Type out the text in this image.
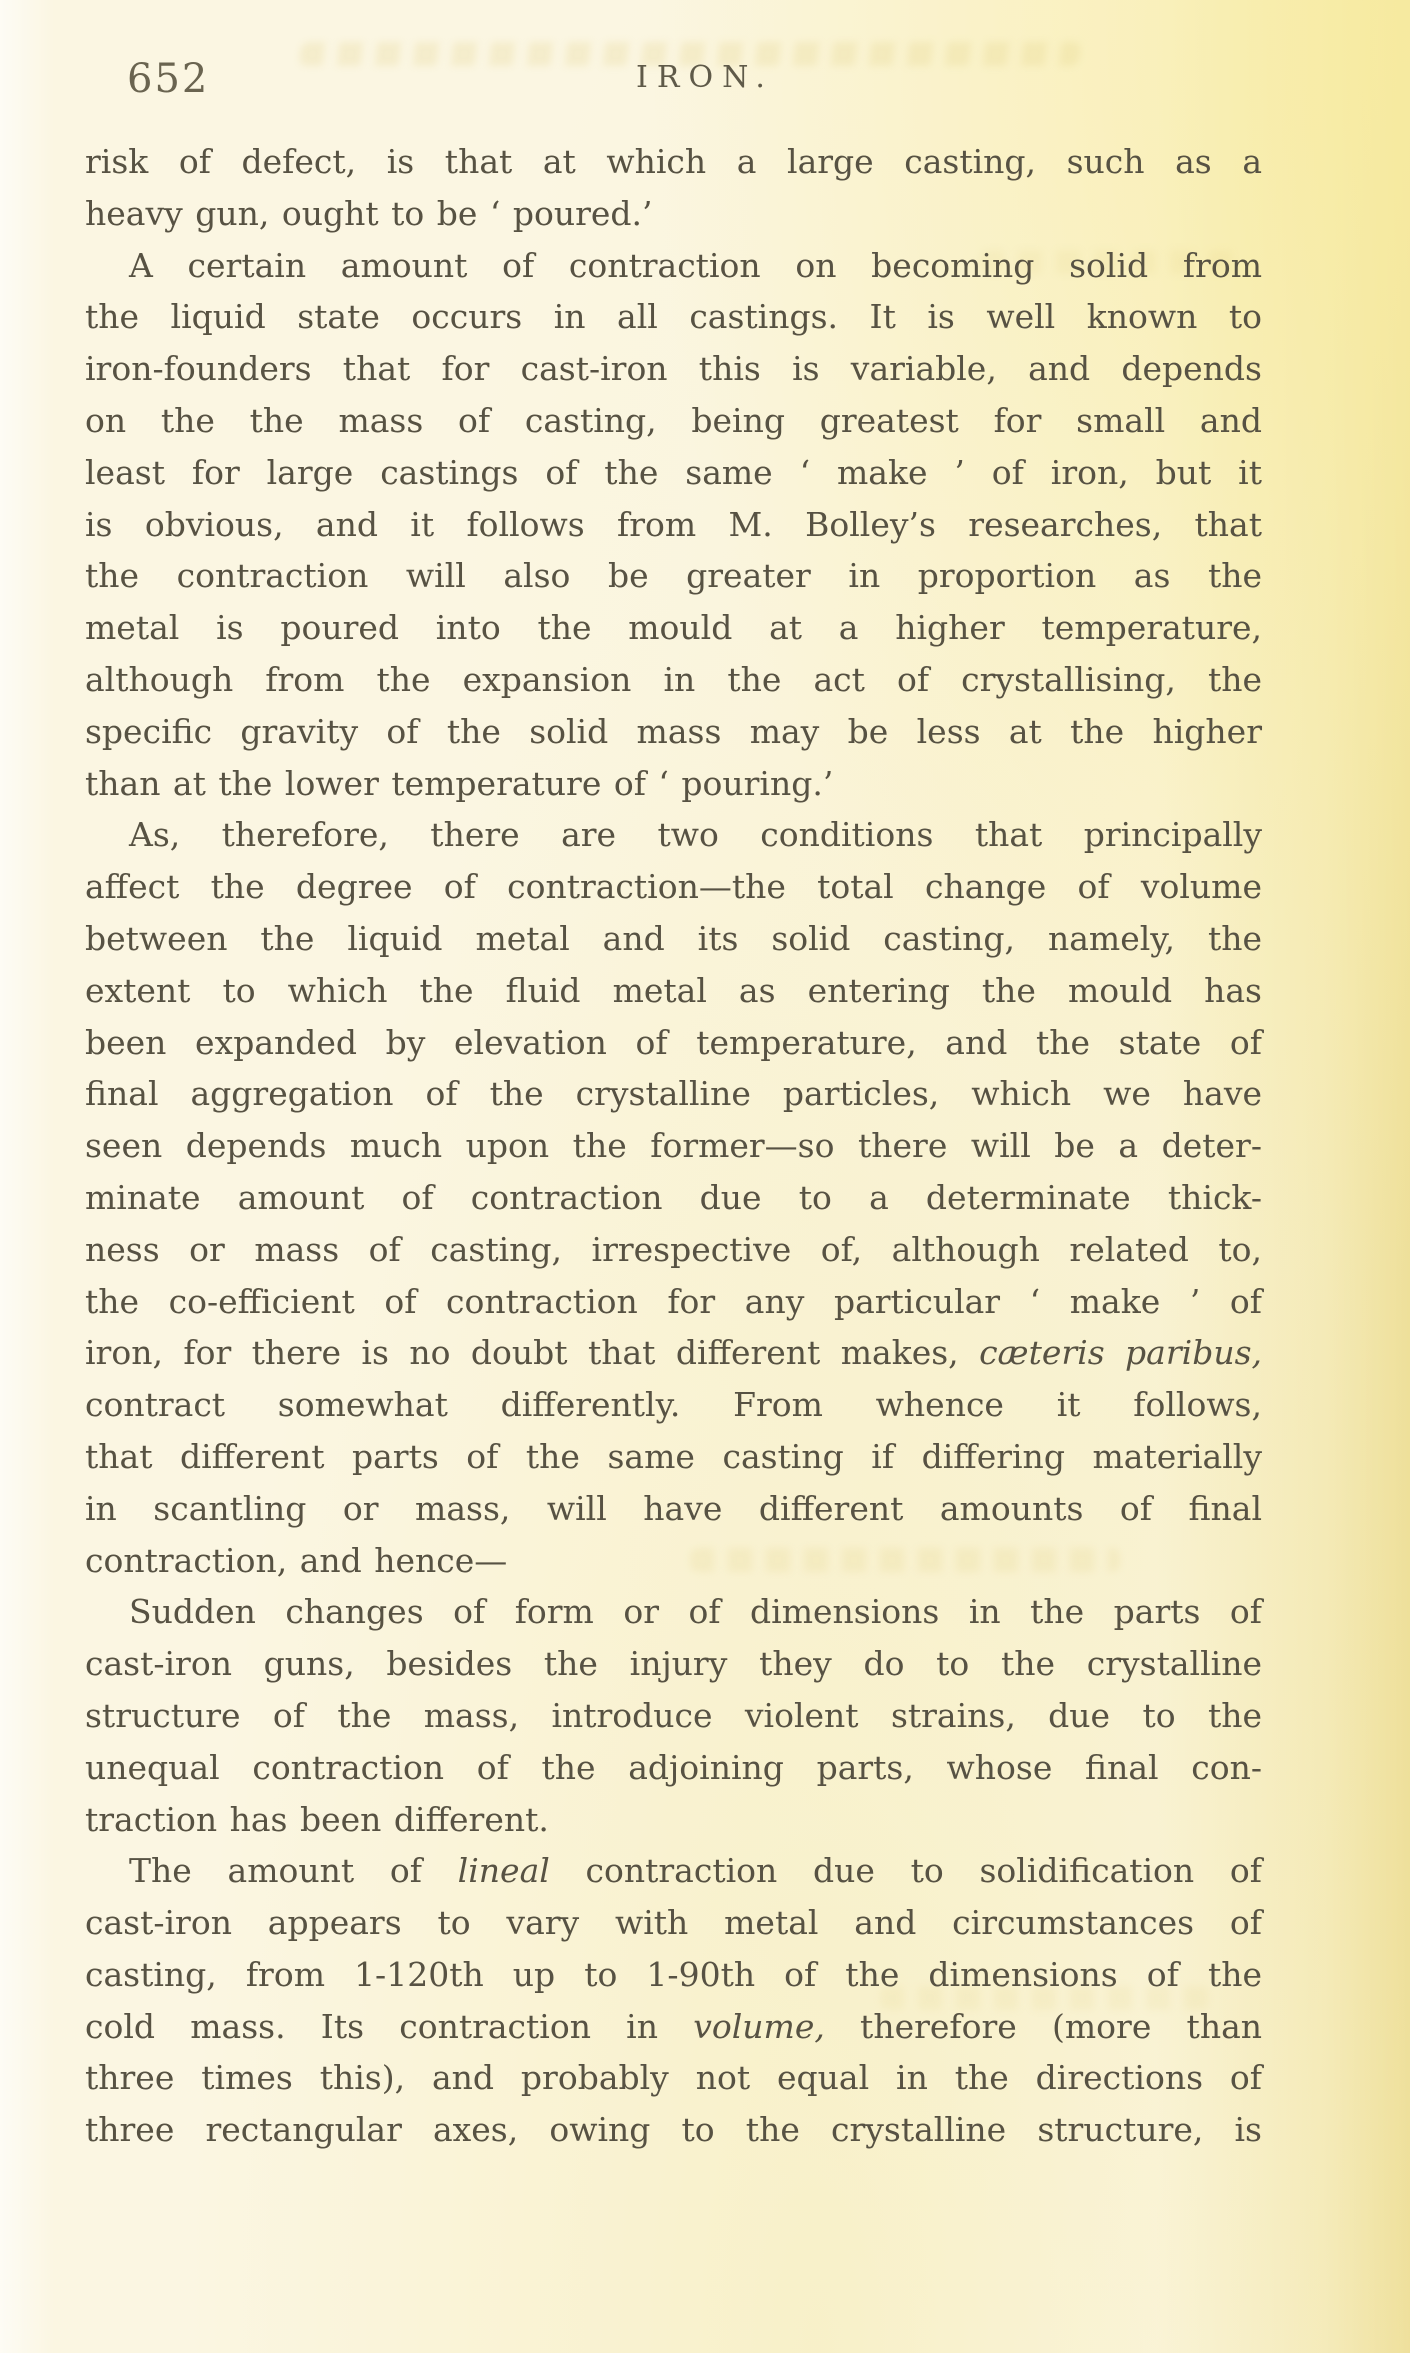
652	IRON.
risk of defect, is that at which a large casting, such as a
heavy gun, ought to be ‘ poured.’
A certain amount of contraction on becoming solid from
the liquid state occurs in all castings. It is well known to
iron-founders that for cast-iron this is variable, and depends
on the the mass of casting, being greatest for small and
least for large castings of the same ‘ make ’ of iron, but it
is obvious, and it follows from M. Bolley’s researches, that
the contraction will also be greater in proportion as the
metal is poured into the mould at a higher temperature,
although from the expansion in the act of crystallising, the
specific gravity of the solid mass may be less at the higher
than at the lower temperature of ‘ pouring.’
As, therefore, there are two conditions that principally
affect the degree of contraction—the total change of volume
between the liquid metal and its solid casting, namely, the
extent to which the fluid metal as entering the mould has
been expanded by elevation of temperature, and the state of
final aggregation of the crystalline particles, which we have
seen depends much upon the former—so there will be a deter-
minate amount of contraction due to a determinate thick-
ness or mass of casting, irrespective of, although related to,
the co-efficient of contraction for any particular ‘ make ’ of
iron, for there is no doubt that different makes, cæteris paribus,
contract somewhat differently. From whence it follows,
that different parts of the same casting if differing materially
in scantling or mass, will have different amounts of final
contraction, and hence—
Sudden changes of form or of dimensions in the parts of
cast-iron guns, besides the injury they do to the crystalline
structure of the mass, introduce violent strains, due to the
unequal contraction of the adjoining parts, whose final con-
traction has been different.
The amount of lineal contraction due to solidification of
cast-iron appears to vary with metal and circumstances of
casting, from 1-120th up to 1-90th of the dimensions of the
cold mass. Its contraction in volume, therefore (more than
three times this), and probably not equal in the directions of
three rectangular axes, owing to the crystalline structure, is
